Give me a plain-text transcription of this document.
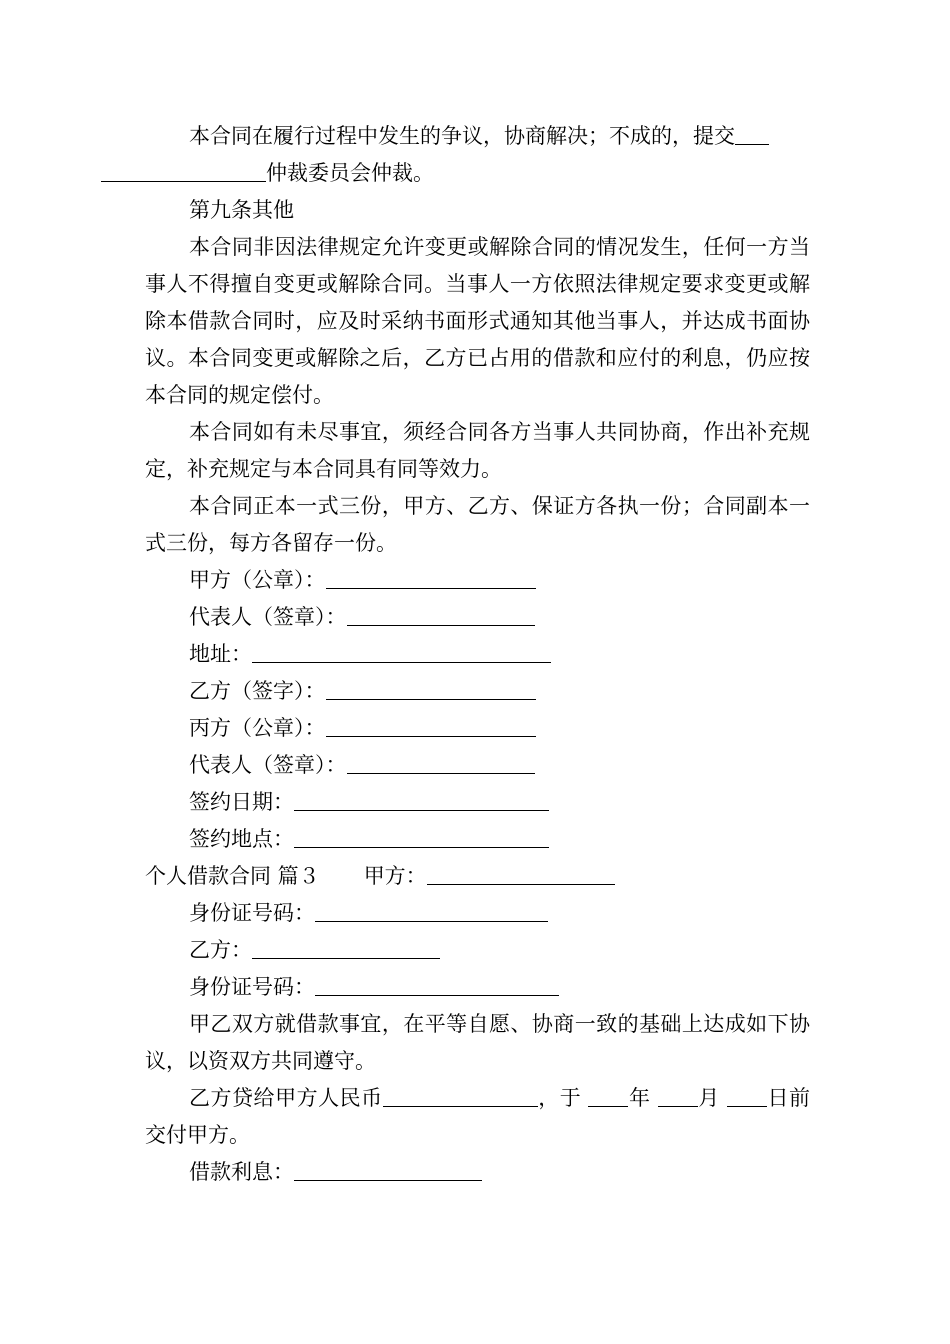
本合同在履行过程中发生的争议，协商解决；不成的，提交
仲裁委员会仲裁。

第九条其他

本合同非因法律规定允许变更或解除合同的情况发生，任何一方当事人不得擅自变更或解除合同。当事人一方依照法律规定要求变更或解除本借款合同时，应及时采纳书面形式通知其他当事人，并达成书面协议。本合同变更或解除之后，乙方已占用的借款和应付的利息，仍应按本合同的规定偿付。

本合同如有未尽事宜，须经合同各方当事人共同协商，作出补充规定，补充规定与本合同具有同等效力。

本合同正本一式三份，甲方、乙方、保证方各执一份；合同副本一式三份，每方各留存一份。

甲方（公章）：

代表人（签章）：

地址：

乙方（签字）：

丙方（公章）：

代表人（签章）：

签约日期：

签约地点：

个人借款合同 篇３ 甲方：

身份证号码：

乙方：

身份证号码：

甲乙双方就借款事宜，在平等自愿、协商一致的基础上达成如下协议，以资双方共同遵守。

乙方贷给甲方人民币	，于 年 月 日前交付甲方。

借款利息：
